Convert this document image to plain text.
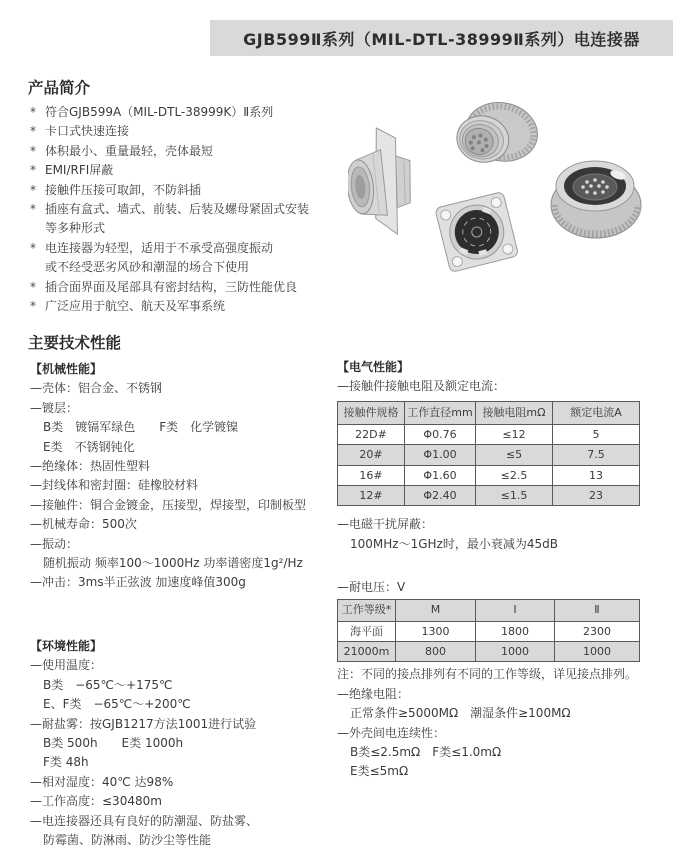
GJB599Ⅱ系列（MIL-DTL-38999Ⅱ系列）电连接器
产品简介
* 符合GJB599A（MIL-DTL-38999K）Ⅱ系列
* 卡口式快速连接
* 体积最小、重量最轻，壳体最短
* EMI/RFI屏蔽
* 接触件压接可取卸，不防斜插
* 插座有盒式、墙式、前装、后装及螺母紧固式安装
等多种形式
* 电连接器为轻型，适用于不承受高强度振动
或不经受恶劣风砂和潮湿的场合下使用
* 插合面界面及尾部具有密封结构，三防性能优良
* 广泛应用于航空、航天及军事系统
主要技术性能
【机械性能】
—壳体：铝合金、不锈钢
—镀层：
B类　镀镉军绿色　　F类　化学镀镍
E类　不锈钢钝化
—绝缘体：热固性塑料
—封线体和密封圈：硅橡胶材料
—接触件：铜合金镀金，压接型，焊接型，印制板型
—机械寿命：500次
—振动：
随机振动 频率100～1000Hz 功率谱密度1g²/Hz
—冲击：3ms半正弦波 加速度峰值300g
【环境性能】
—使用温度：
B类　−65℃～+175℃
E、F类　−65℃～+200℃
—耐盐雾：按GJB1217方法1001进行试验
B类 500h　　E类 1000h
F类 48h
—相对湿度：40℃ 达98%
—工作高度：≤30480m
—电连接器还具有良好的防潮湿、防盐雾、
防霉菌、防淋雨、防沙尘等性能
【电气性能】
—接触件接触电阻及额定电流：
接触件规格	工作直径mm	接触电阻mΩ	额定电流A
22D#	Φ0.76	≤12	5
20#	Φ1.00	≤5	7.5
16#	Φ1.60	≤2.5	13
12#	Φ2.40	≤1.5	23
—电磁干扰屏蔽：
100MHz～1GHz时，最小衰减为45dB
—耐电压：V
工作等级*	M	Ⅰ	Ⅱ
海平面	1300	1800	2300
21000m	800	1000	1000
注：不同的接点排列有不同的工作等级，详见接点排列。
—绝缘电阻：
正常条件≥5000MΩ　潮湿条件≥100MΩ
—外壳间电连续性：
B类≤2.5mΩ　F类≤1.0mΩ
E类≤5mΩ
